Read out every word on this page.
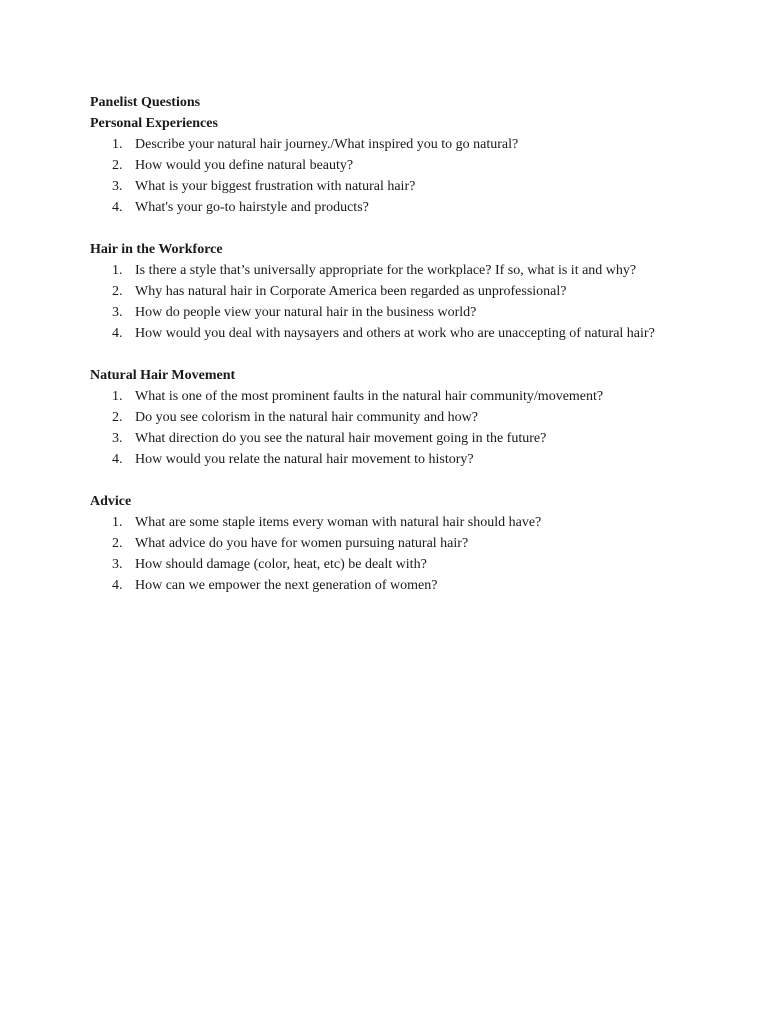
Panelist Questions
Personal Experiences
1. Describe your natural hair journey./What inspired you to go natural?
2. How would you define natural beauty?
3. What is your biggest frustration with natural hair?
4. What's your go-to hairstyle and products?
Hair in the Workforce
1. Is there a style that’s universally appropriate for the workplace? If so, what is it and why?
2. Why has natural hair in Corporate America been regarded as unprofessional?
3. How do people view your natural hair in the business world?
4. How would you deal with naysayers and others at work who are unaccepting of natural hair?
Natural Hair Movement
1. What is one of the most prominent faults in the natural hair community/movement?
2. Do you see colorism in the natural hair community and how?
3. What direction do you see the natural hair movement going in the future?
4. How would you relate the natural hair movement to history?
Advice
1. What are some staple items every woman with natural hair should have?
2. What advice do you have for women pursuing natural hair?
3. How should damage (color, heat, etc) be dealt with?
4. How can we empower the next generation of women?
